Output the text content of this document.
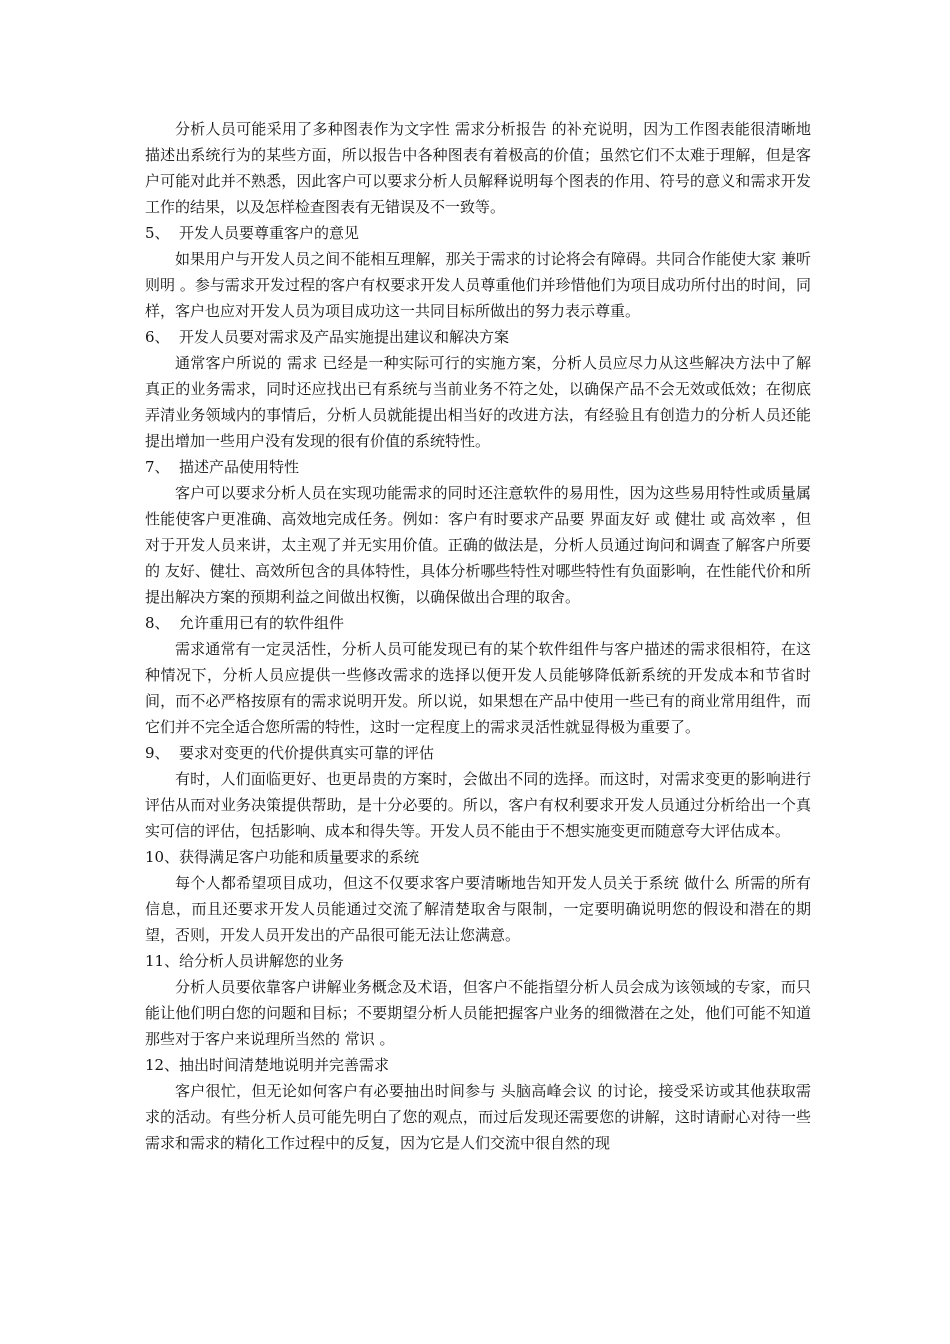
分析人员可能采用了多种图表作为文字性 需求分析报告 的补充说明，因为工作图表能很清晰地描述出系统行为的某些方面，所以报告中各种图表有着极高的价值；虽然它们不太难于理解，但是客户可能对此并不熟悉，因此客户可以要求分析人员解释说明每个图表的作用、符号的意义和需求开发工作的结果，以及怎样检查图表有无错误及不一致等。

5、 开发人员要尊重客户的意见

如果用户与开发人员之间不能相互理解，那关于需求的讨论将会有障碍。共同合作能使大家 兼听则明 。参与需求开发过程的客户有权要求开发人员尊重他们并珍惜他们为项目成功所付出的时间，同样，客户也应对开发人员为项目成功这一共同目标所做出的努力表示尊重。

6、 开发人员要对需求及产品实施提出建议和解决方案

通常客户所说的 需求 已经是一种实际可行的实施方案，分析人员应尽力从这些解决方法中了解真正的业务需求，同时还应找出已有系统与当前业务不符之处，以确保产品不会无效或低效；在彻底弄清业务领域内的事情后，分析人员就能提出相当好的改进方法，有经验且有创造力的分析人员还能提出增加一些用户没有发现的很有价值的系统特性。

7、 描述产品使用特性

客户可以要求分析人员在实现功能需求的同时还注意软件的易用性，因为这些易用特性或质量属性能使客户更准确、高效地完成任务。例如：客户有时要求产品要 界面友好 或 健壮 或 高效率 ，但对于开发人员来讲，太主观了并无实用价值。正确的做法是，分析人员通过询问和调查了解客户所要的 友好、健壮、高效所包含的具体特性，具体分析哪些特性对哪些特性有负面影响，在性能代价和所提出解决方案的预期利益之间做出权衡，以确保做出合理的取舍。

8、 允许重用已有的软件组件

需求通常有一定灵活性，分析人员可能发现已有的某个软件组件与客户描述的需求很相符，在这种情况下，分析人员应提供一些修改需求的选择以便开发人员能够降低新系统的开发成本和节省时间，而不必严格按原有的需求说明开发。所以说，如果想在产品中使用一些已有的商业常用组件，而它们并不完全适合您所需的特性，这时一定程度上的需求灵活性就显得极为重要了。

9、 要求对变更的代价提供真实可靠的评估

有时，人们面临更好、也更昂贵的方案时，会做出不同的选择。而这时，对需求变更的影响进行评估从而对业务决策提供帮助，是十分必要的。所以，客户有权利要求开发人员通过分析给出一个真实可信的评估，包括影响、成本和得失等。开发人员不能由于不想实施变更而随意夸大评估成本。

10、 获得满足客户功能和质量要求的系统

每个人都希望项目成功，但这不仅要求客户要清晰地告知开发人员关于系统 做什么 所需的所有信息，而且还要求开发人员能通过交流了解清楚取舍与限制，一定要明确说明您的假设和潜在的期望，否则，开发人员开发出的产品很可能无法让您满意。

11、 给分析人员讲解您的业务

分析人员要依靠客户讲解业务概念及术语，但客户不能指望分析人员会成为该领域的专家，而只能让他们明白您的问题和目标；不要期望分析人员能把握客户业务的细微潜在之处，他们可能不知道那些对于客户来说理所当然的 常识 。

12、 抽出时间清楚地说明并完善需求

客户很忙，但无论如何客户有必要抽出时间参与 头脑高峰会议 的讨论，接受采访或其他获取需求的活动。有些分析人员可能先明白了您的观点，而过后发现还需要您的讲解，这时请耐心对待一些需求和需求的精化工作过程中的反复，因为它是人们交流中很自然的现
